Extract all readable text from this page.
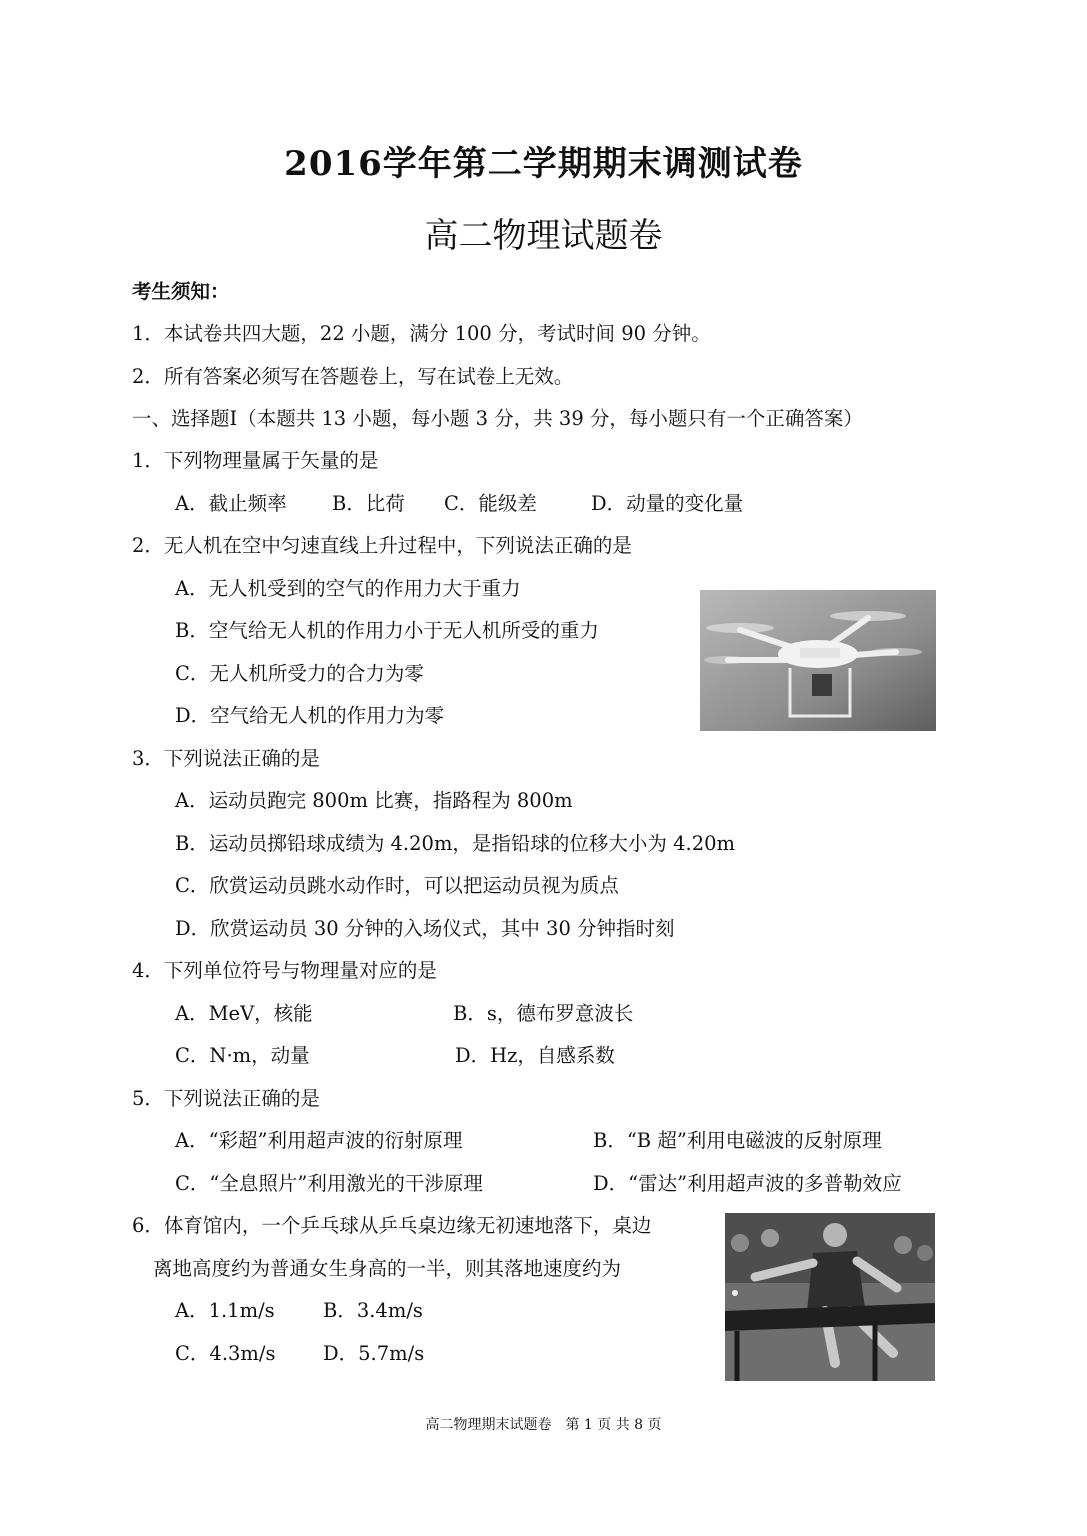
2016学年第二学期期末调测试卷
高二物理试题卷
考生须知：
1．本试卷共四大题，22 小题，满分 100 分，考试时间 90 分钟。
2．所有答案必须写在答题卷上，写在试卷上无效。
一、选择题Ⅰ（本题共 13 小题，每小题 3 分，共 39 分，每小题只有一个正确答案）
1．下列物理量属于矢量的是
A．截止频率 B．比荷 C．能级差	D．动量的变化量
2．无人机在空中匀速直线上升过程中，下列说法正确的是
A．无人机受到的空气的作用力大于重力
B．空气给无人机的作用力小于无人机所受的重力
C．无人机所受力的合力为零
D．空气给无人机的作用力为零
3．下列说法正确的是
A．运动员跑完 800m 比赛，指路程为 800m
B．运动员掷铅球成绩为 4.20m，是指铅球的位移大小为 4.20m
C．欣赏运动员跳水动作时，可以把运动员视为质点
D．欣赏运动员 30 分钟的入场仪式，其中 30 分钟指时刻
4．下列单位符号与物理量对应的是
A．MeV，核能	B．s，德布罗意波长
C．N·m，动量	D．Hz，自感系数
5．下列说法正确的是
A．“彩超”利用超声波的衍射原理	B．“B 超”利用电磁波的反射原理
C．“全息照片”利用激光的干涉原理	D．“雷达”利用超声波的多普勒效应
6．体育馆内，一个乒乓球从乒乓桌边缘无初速地落下，桌边
离地高度约为普通女生身高的一半，则其落地速度约为
A．1.1m/s B．3.4m/s
C．4.3m/s D．5.7m/s
高二物理期末试题卷　第 1 页 共 8 页
